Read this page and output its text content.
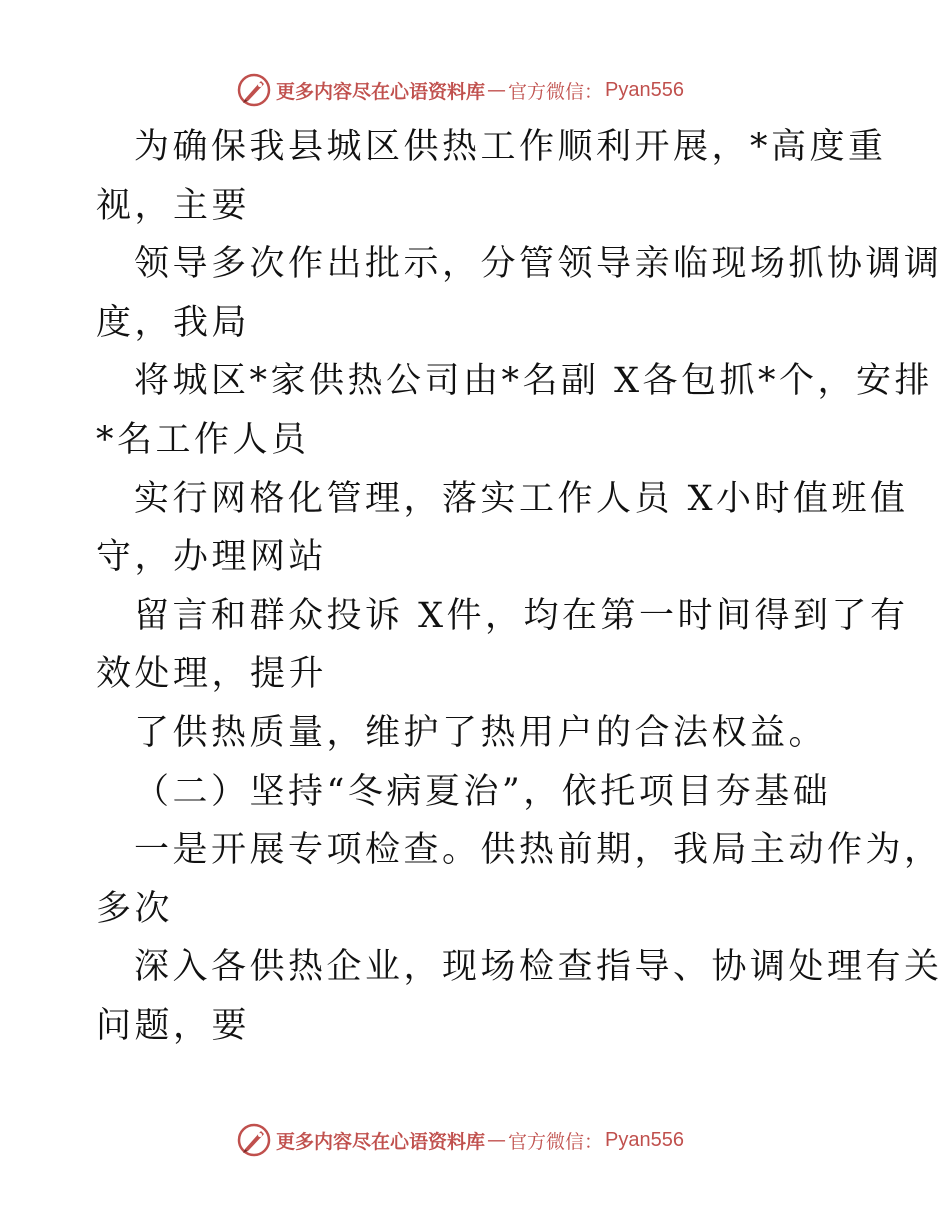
更多内容尽在心语资料库 — 官方微信： Pyan556
为确保我县城区供热工作顺利开展，*高度重
视，主要
领导多次作出批示，分管领导亲临现场抓协调调
度，我局
将城区*家供热公司由*名副 X各包抓*个，安排
*名工作人员
实行网格化管理，落实工作人员 X小时值班值
守，办理网站
留言和群众投诉 X件，均在第一时间得到了有
效处理，提升
了供热质量，维护了热用户的合法权益。
（二）坚持“冬病夏治”，依托项目夯基础
一是开展专项检查。供热前期，我局主动作为，
多次
深入各供热企业，现场检查指导、协调处理有关
问题，要
更多内容尽在心语资料库 — 官方微信： Pyan556
